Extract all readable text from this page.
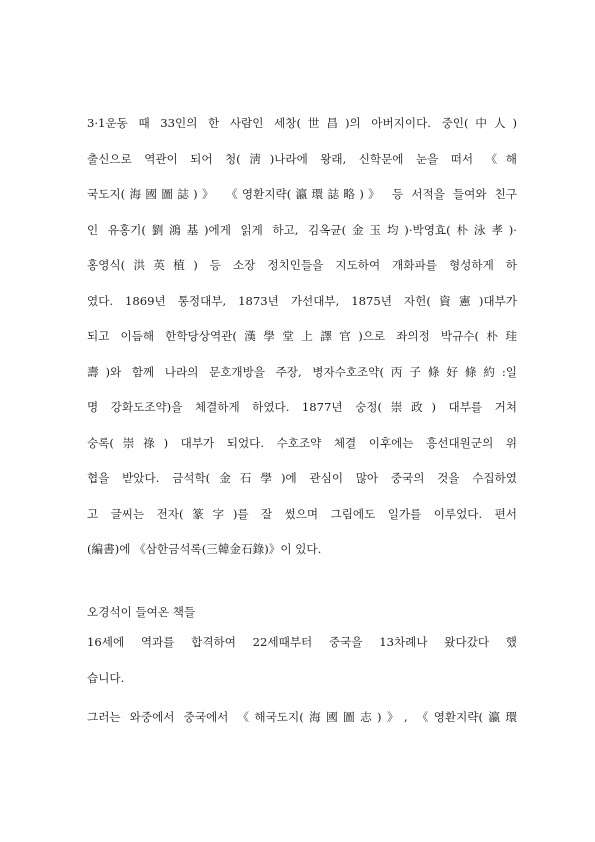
3·1운동 때 33인의 한 사람인 세창(世昌)의 아버지이다. 중인(中人)
출신으로 역관이 되어 청(淸)나라에 왕래, 신학문에 눈을 떠서 《해
국도지(海國圖誌)》 《영환지략(瀛環誌略)》 등 서적을 들여와 친구
인 유홍기(劉鴻基)에게 읽게 하고, 김옥균(金玉均)·박영효(朴泳孝)·
홍영식(洪英植) 등 소장 정치인들을 지도하여 개화파를 형성하게 하
였다. 1869년 통정대부, 1873년 가선대부, 1875년 자헌(資憲)대부가
되고 이듬해 한학당상역관(漢學堂上譯官)으로 좌의정 박규수(朴珪
壽)와 함께 나라의 문호개방을 주장, 병자수호조약(丙子條好條約:일
명 강화도조약)을 체결하게 하였다. 1877년 숭정(崇政) 대부를 거쳐
숭록(崇祿) 대부가 되었다. 수호조약 체결 이후에는 흥선대원군의 위
협을 받았다. 금석학(金石學)에 관심이 많아 중국의 것을 수집하였
고 글씨는 전자(篆字)를 잘 썼으며 그림에도 일가를 이루었다. 편서
(編書)에 《삼한금석록(三韓金石錄)》이 있다.
오경석이 들여온 책들
16세에 역과를 합격하여 22세때부터 중국을 13차례나 왔다갔다 했
습니다.
그러는 와중에서 중국에서 《해국도지(海國圖志)》, 《영환지략(瀛環
